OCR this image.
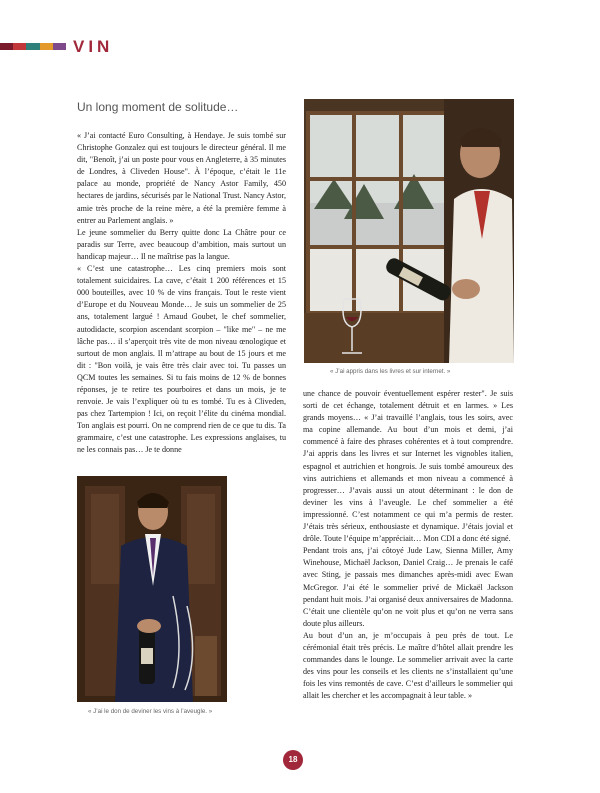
VIN
Un long moment de solitude…

« J’ai contacté Euro Consulting, à Hendaye. Je suis tombé sur Christophe Gonzalez qui est toujours le directeur général. Il me dit, "Benoît, j’ai un poste pour vous en Angleterre, à 35 minutes de Londres, à Cliveden House". À l’époque, c’était le 11e palace au monde, propriété de Nancy Astor Family, 450 hectares de jardins, sécurisés par le National Trust. Nancy Astor, amie très proche de la reine mère, a été la première femme à entrer au Parlement anglais. »

Le jeune sommelier du Berry quitte donc La Châtre pour ce paradis sur Terre, avec beaucoup d’ambition, mais surtout un handicap majeur… Il ne maîtrise pas la langue.

« C’est une catastrophe… Les cinq premiers mois sont totalement suicidaires. La cave, c’était 1 200 références et 15 000 bouteilles, avec 10 % de vins français. Tout le reste vient d’Europe et du Nouveau Monde… Je suis un sommelier de 25 ans, totalement largué ! Arnaud Goubet, le chef sommelier, autodidacte, scorpion ascendant scorpion – "like me" – ne me lâche pas… il s’aperçoit très vite de mon niveau œnologique et surtout de mon anglais. Il m’attrape au bout de 15 jours et me dit : "Bon voilà, je vais être très clair avec toi. Tu passes un QCM toutes les semaines. Si tu fais moins de 12 % de bonnes réponses, je te retire tes pourboires et dans un mois, je te renvoie. Je vais l’expliquer où tu es tombé. Tu es à Cliveden, pas chez Tartempion ! Ici, on reçoit l’élite du cinéma mondial. Ton anglais est pourri. On ne comprend rien de ce que tu dis. Ta grammaire, c’est une catastrophe. Les expressions anglaises, tu ne les connais pas… Je te donne

« J’ai appris dans les livres et sur internet. »

une chance de pouvoir éventuellement espérer rester". Je suis sorti de cet échange, totalement détruit et en larmes. » Les grands moyens… « J’ai travaillé l’anglais, tous les soirs, avec ma copine allemande. Au bout d’un mois et demi, j’ai commencé à faire des phrases cohérentes et à tout comprendre. J’ai appris dans les livres et sur Internet les vignobles italien, espagnol et autrichien et hongrois. Je suis tombé amoureux des vins autrichiens et allemands et mon niveau a commencé à progresser… J’avais aussi un atout déterminant : le don de deviner les vins à l’aveugle. Le chef sommelier a été impressionné. C’est notamment ce qui m’a permis de rester. J’étais très sérieux, enthousiaste et dynamique. J’étais jovial et drôle. Toute l’équipe m’appréciait… Mon CDI a donc été signé.

Pendant trois ans, j’ai côtoyé Jude Law, Sienna Miller, Amy Winehouse, Michaël Jackson, Daniel Craig… Je prenais le café avec Sting, je passais mes dimanches après-midi avec Ewan McGregor. J’ai été le sommelier privé de Mickaël Jackson pendant huit mois. J’ai organisé deux anniversaires de Madonna. C’était une clientèle qu’on ne voit plus et qu’on ne verra sans doute plus ailleurs.

Au bout d’un an, je m’occupais à peu près de tout. Le cérémonial était très précis. Le maître d’hôtel allait prendre les commandes dans le lounge. Le sommelier arrivait avec la carte des vins pour les conseils et les clients ne s’installaient qu’une fois les vins remontés de cave. C’est d’ailleurs le sommelier qui allait les chercher et les accompagnait à leur table. »

« J’ai le don de deviner les vins à l’aveugle. »
18
